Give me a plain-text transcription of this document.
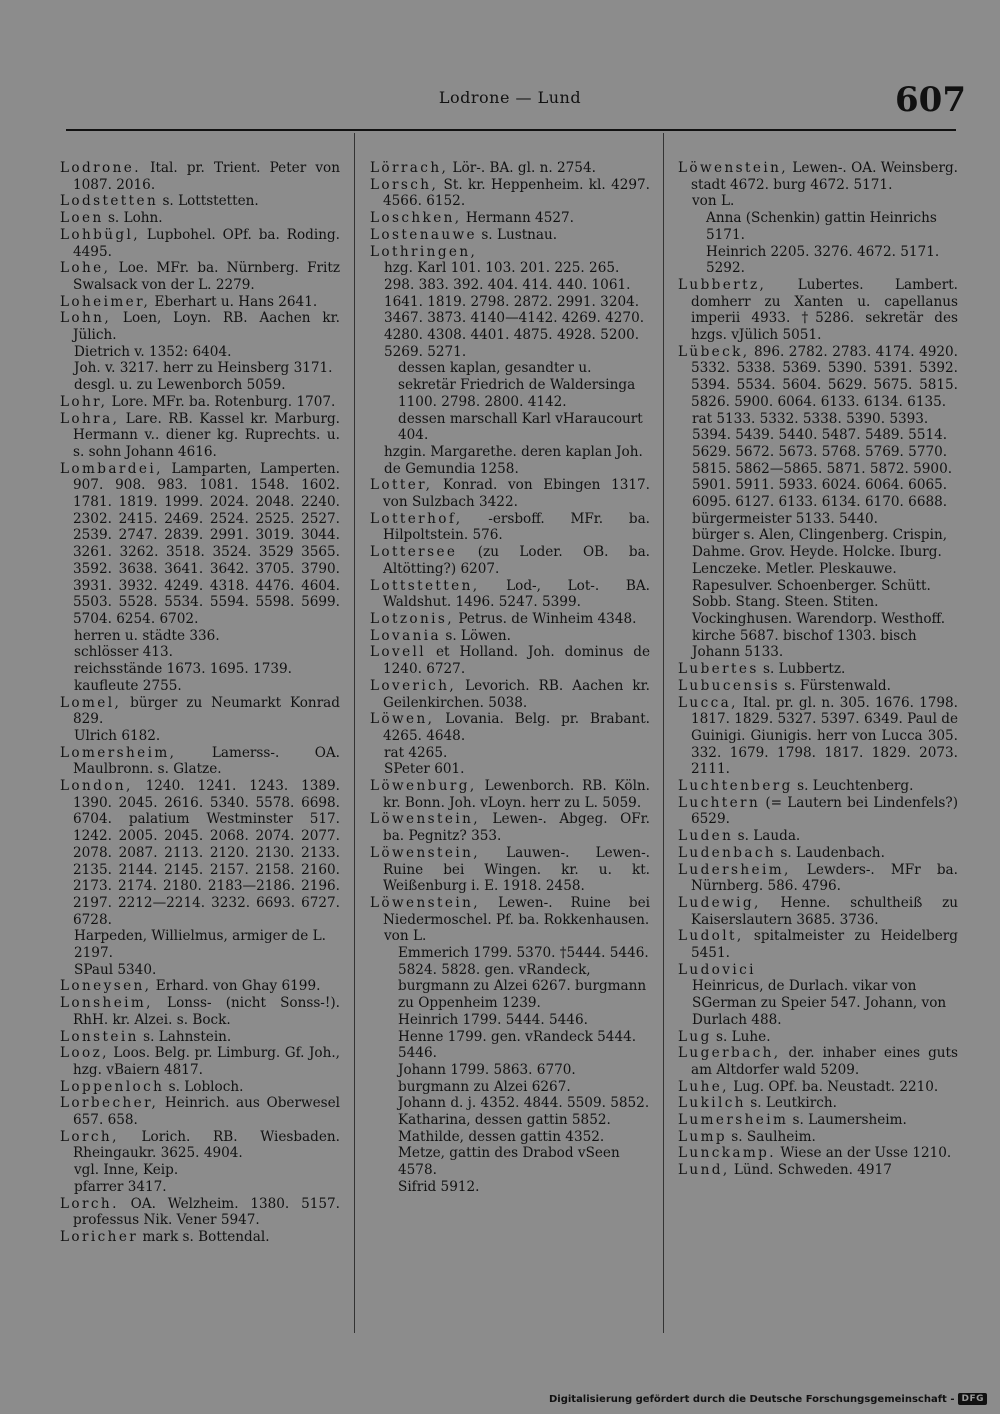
Lodrone — Lund	607
Lodrone. Ital. pr. Trient. Peter von 1087. 2016.
Lodstetten s. Lottstetten.
Loen s. Lohn.
Lohbügl, Lupbohel. OPf. ba. Roding. 4495.
Lohe, Loe. MFr. ba. Nürnberg. Fritz Swalsack von der L. 2279.
Loheimer, Eberhart u. Hans 2641.
Lohn, Loen, Loyn. RB. Aachen kr. Jülich.
Dietrich v. 1352: 6404.
Joh. v. 3217. herr zu Heinsberg 3171. desgl. u. zu Lewenborch 5059.
Lohr, Lore. MFr. ba. Rotenburg. 1707.
Lohra, Lare. RB. Kassel kr. Marburg. Hermann v.. diener kg. Ruprechts. u. s. sohn Johann 4616.
Lombardei, Lamparten, Lamperten. 907. 908. 983. 1081. 1548. 1602. 1781. 1819. 1999. 2024. 2048. 2240. 2302. 2415. 2469. 2524. 2525. 2527. 2539. 2747. 2839. 2991. 3019. 3044. 3261. 3262. 3518. 3524. 3529 3565. 3592. 3638. 3641. 3642. 3705. 3790. 3931. 3932. 4249. 4318. 4476. 4604. 5503. 5528. 5534. 5594. 5598. 5699. 5704. 6254. 6702.
herren u. städte 336.
schlösser 413.
reichsstände 1673. 1695. 1739.
kaufleute 2755.
Lomel, bürger zu Neumarkt Konrad 829.
Ulrich 6182.
Lomersheim, Lamerss-. OA. Maulbronn. s. Glatze.
London, 1240. 1241. 1243. 1389. 1390. 2045. 2616. 5340. 5578. 6698. 6704. palatium Westminster 517. 1242. 2005. 2045. 2068. 2074. 2077. 2078. 2087. 2113. 2120. 2130. 2133. 2135. 2144. 2145. 2157. 2158. 2160. 2173. 2174. 2180. 2183—2186. 2196. 2197. 2212—2214. 3232. 6693. 6727. 6728.
Harpeden, Willielmus, armiger de L. 2197.
SPaul 5340.
Loneysen, Erhard. von Ghay 6199.
Lonsheim, Lonss- (nicht Sonss-!). RhH. kr. Alzei. s. Bock.
Lonstein s. Lahnstein.
Looz, Loos. Belg. pr. Limburg. Gf. Joh., hzg. vBaiern 4817.
Loppenloch s. Lobloch.
Lorbecher, Heinrich. aus Oberwesel 657. 658.
Lorch, Lorich. RB. Wiesbaden. Rheingaukr. 3625. 4904.
vgl. Inne, Keip.
pfarrer 3417.
Lorch. OA. Welzheim. 1380. 5157. professus Nik. Vener 5947.
Loricher mark s. Bottendal.
Lörrach, Lör-. BA. gl. n. 2754.
Lorsch, St. kr. Heppenheim. kl. 4297. 4566. 6152.
Loschken, Hermann 4527.
Lostenauwe s. Lustnau.
Lothringen,
hzg. Karl 101. 103. 201. 225. 265. 298. 383. 392. 404. 414. 440. 1061. 1641. 1819. 2798. 2872. 2991. 3204. 3467. 3873. 4140—4142. 4269. 4270. 4280. 4308. 4401. 4875. 4928. 5200. 5269. 5271.
dessen kaplan, gesandter u. sekretär Friedrich de Waldersinga 1100. 2798. 2800. 4142.
dessen marschall Karl vHaraucourt 404.
hzgin. Margarethe. deren kaplan Joh. de Gemundia 1258.
Lotter, Konrad. von Ebingen 1317. von Sulzbach 3422.
Lotterhof, -ersboff. MFr. ba. Hilpoltstein. 576.
Lottersee (zu Loder. OB. ba. Altötting?) 6207.
Lottstetten, Lod-, Lot-. BA. Waldshut. 1496. 5247. 5399.
Lotzonis, Petrus. de Winheim 4348.
Lovania s. Löwen.
Lovell et Holland. Joh. dominus de 1240. 6727.
Loverich, Levorich. RB. Aachen kr. Geilenkirchen. 5038.
Löwen, Lovania. Belg. pr. Brabant. 4265. 4648.
rat 4265.
SPeter 601.
Löwenburg, Lewenborch. RB. Köln. kr. Bonn. Joh. vLoyn. herr zu L. 5059.
Löwenstein, Lewen-. Abgeg. OFr. ba. Pegnitz? 353.
Löwenstein, Lauwen-. Lewen-. Ruine bei Wingen. kr. u. kt. Weißenburg i. E. 1918. 2458.
Löwenstein, Lewen-. Ruine bei Niedermoschel. Pf. ba. Rokkenhausen.
von L.
Emmerich 1799. 5370. †5444. 5446. 5824. 5828. gen. vRandeck, burgmann zu Alzei 6267. burgmann zu Oppenheim 1239.
Heinrich 1799. 5444. 5446.
Henne 1799. gen. vRandeck 5444. 5446.
Johann 1799. 5863. 6770. burgmann zu Alzei 6267.
Johann d. j. 4352. 4844. 5509. 5852.
Katharina, dessen gattin 5852.
Mathilde, dessen gattin 4352.
Metze, gattin des Drabod vSeen 4578.
Sifrid 5912.
Löwenstein, Lewen-. OA. Weinsberg. stadt 4672. burg 4672. 5171.
von L.
Anna (Schenkin) gattin Heinrichs 5171.
Heinrich 2205. 3276. 4672. 5171. 5292.
Lubbertz, Lubertes. Lambert. domherr zu Xanten u. capellanus imperii 4933. †5286. sekretär des hzgs. vJülich 5051.
Lübeck, 896. 2782. 2783. 4174. 4920. 5332. 5338. 5369. 5390. 5391. 5392. 5394. 5534. 5604. 5629. 5675. 5815. 5826. 5900. 6064. 6133. 6134. 6135.
rat 5133. 5332. 5338. 5390. 5393. 5394. 5439. 5440. 5487. 5489. 5514. 5629. 5672. 5673. 5768. 5769. 5770. 5815. 5862—5865. 5871. 5872. 5900. 5901. 5911. 5933. 6024. 6064. 6065. 6095. 6127. 6133. 6134. 6170. 6688.
bürgermeister 5133. 5440.
bürger s. Alen, Clingenberg. Crispin, Dahme. Grov. Heyde. Holcke. Iburg. Lenczeke. Metler. Pleskauwe. Rapesulver. Schoenberger. Schütt. Sobb. Stang. Steen. Stiten. Vockinghusen. Warendorp. Westhoff.
kirche 5687. bischof 1303. bisch Johann 5133.
Lubertes s. Lubbertz.
Lubucensis s. Fürstenwald.
Lucca, Ital. pr. gl. n. 305. 1676. 1798. 1817. 1829. 5327. 5397. 6349. Paul de Guinigi. Giunigis. herr von Lucca 305. 332. 1679. 1798. 1817. 1829. 2073. 2111.
Luchtenberg s. Leuchtenberg.
Luchtern (= Lautern bei Lindenfels?) 6529.
Luden s. Lauda.
Ludenbach s. Laudenbach.
Ludersheim, Lewders-. MFr ba. Nürnberg. 586. 4796.
Ludewig, Henne. schultheiß zu Kaiserslautern 3685. 3736.
Ludolt, spitalmeister zu Heidelberg 5451.
Ludovici
Heinricus, de Durlach. vikar von SGerman zu Speier 547. Johann, von Durlach 488.
Lug s. Luhe.
Lugerbach, der. inhaber eines guts am Altdorfer wald 5209.
Luhe, Lug. OPf. ba. Neustadt. 2210.
Lukilch s. Leutkirch.
Lumersheim s. Laumersheim.
Lump s. Saulheim.
Lunckamp. Wiese an der Usse 1210.
Lund, Lünd. Schweden. 4917
Digitalisierung gefördert durch die Deutsche Forschungsgemeinschaft - DFG
